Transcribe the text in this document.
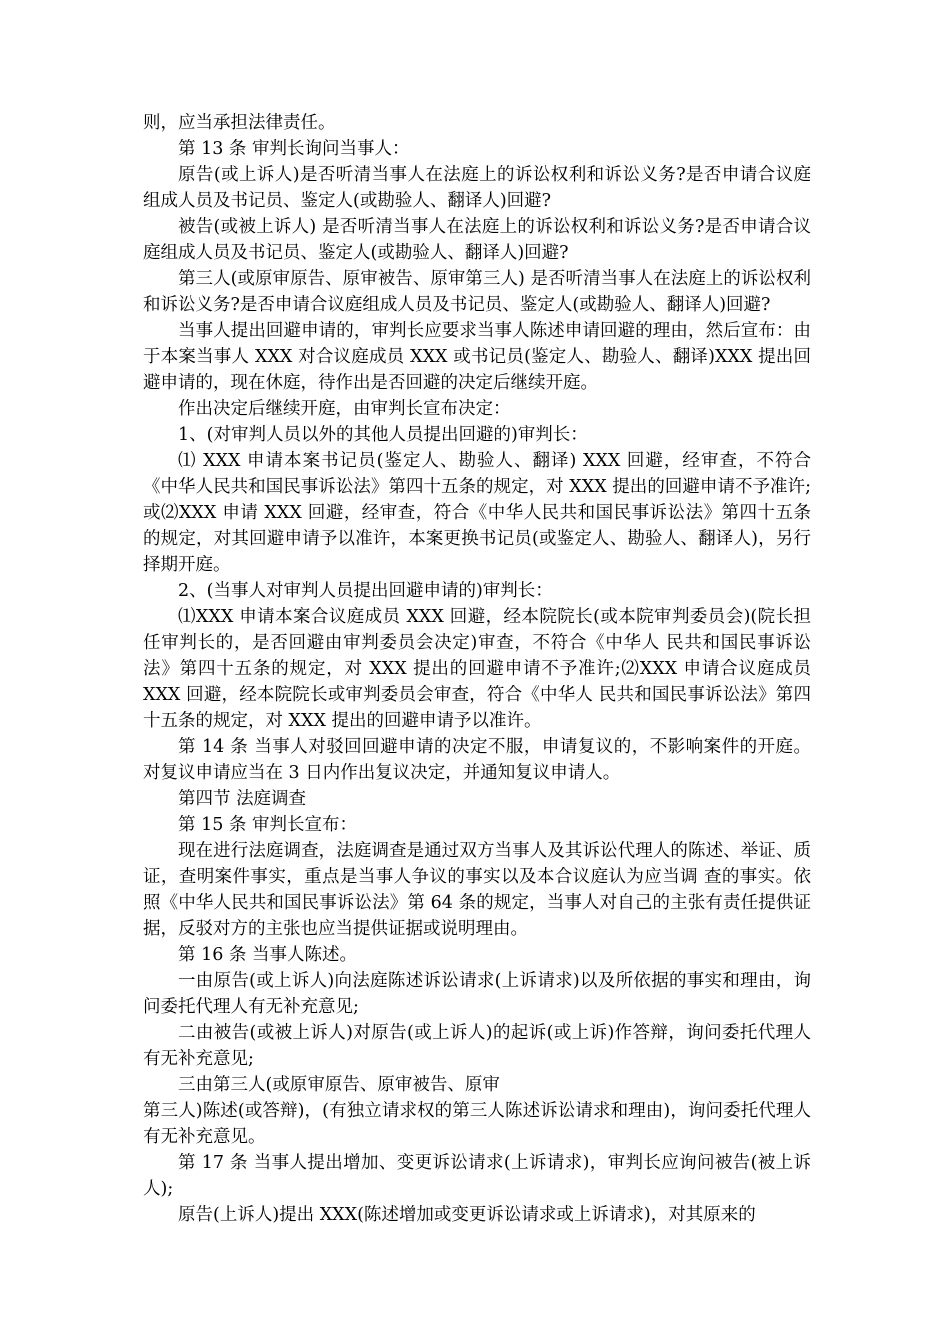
则，应当承担法律责任。

第 13 条 审判长询问当事人：

原告(或上诉人)是否听清当事人在法庭上的诉讼权利和诉讼义务?是否申请合议庭组成人员及书记员、鉴定人(或勘验人、翻译人)回避?

被告(或被上诉人) 是否听清当事人在法庭上的诉讼权利和诉讼义务?是否申请合议庭组成人员及书记员、鉴定人(或勘验人、翻译人)回避?

第三人(或原审原告、原审被告、原审第三人) 是否听清当事人在法庭上的诉讼权利和诉讼义务?是否申请合议庭组成人员及书记员、鉴定人(或勘验人、翻译人)回避?

当事人提出回避申请的，审判长应要求当事人陈述申请回避的理由，然后宣布：由于本案当事人 XXX 对合议庭成员 XXX 或书记员(鉴定人、勘验人、翻译)XXX 提出回避申请的，现在休庭，待作出是否回避的决定后继续开庭。

作出决定后继续开庭，由审判长宣布决定：

1、(对审判人员以外的其他人员提出回避的)审判长：

⑴ XXX 申请本案书记员(鉴定人、勘验人、翻译) XXX 回避，经审查，不符合《中华人民共和国民事诉讼法》第四十五条的规定，对 XXX 提出的回避申请不予准许;或⑵XXX 申请 XXX 回避，经审查，符合《中华人民共和国民事诉讼法》第四十五条的规定，对其回避申请予以准许，本案更换书记员(或鉴定人、勘验人、翻译人)，另行 择期开庭。

2、(当事人对审判人员提出回避申请的)审判长：

⑴XXX 申请本案合议庭成员 XXX 回避，经本院院长(或本院审判委员会)(院长担任审判长的，是否回避由审判委员会决定)审查，不符合《中华人 民共和国民事诉讼法》第四十五条的规定，对 XXX 提出的回避申请不予准许;⑵XXX 申请合议庭成员 XXX 回避，经本院院长或审判委员会审查，符合《中华人 民共和国民事诉讼法》第四十五条的规定，对 XXX 提出的回避申请予以准许。

第 14 条 当事人对驳回回避申请的决定不服，申请复议的，不影响案件的开庭。对复议申请应当在 3 日内作出复议决定，并通知复议申请人。

第四节 法庭调查

第 15 条 审判长宣布：

现在进行法庭调查，法庭调查是通过双方当事人及其诉讼代理人的陈述、举证、质证，查明案件事实，重点是当事人争议的事实以及本合议庭认为应当调 查的事实。依照《中华人民共和国民事诉讼法》第 64 条的规定，当事人对自己的主张有责任提供证据，反驳对方的主张也应当提供证据或说明理由。

第 16 条 当事人陈述。

一由原告(或上诉人)向法庭陈述诉讼请求(上诉请求)以及所依据的事实和理由，询问委托代理人有无补充意见;

二由被告(或被上诉人)对原告(或上诉人)的起诉(或上诉)作答辩，询问委托代理人有无补充意见;

三由第三人(或原审原告、原审被告、原审

第三人)陈述(或答辩)，(有独立请求权的第三人陈述诉讼请求和理由)，询问委托代理人有无补充意见。

第 17 条 当事人提出增加、变更诉讼请求(上诉请求)，审判长应询问被告(被上诉人);

原告(上诉人)提出 XXX(陈述增加或变更诉讼请求或上诉请求)，对其原来的
